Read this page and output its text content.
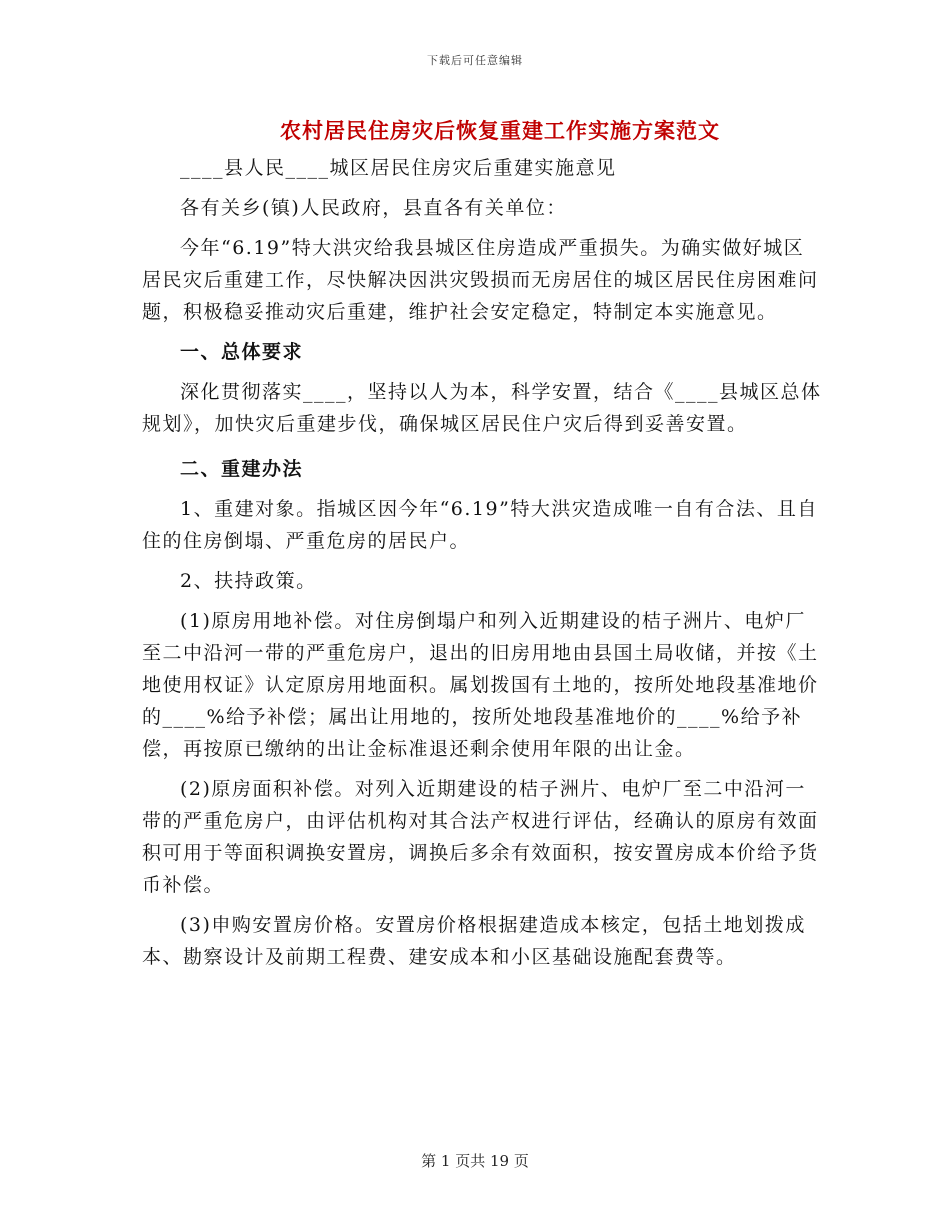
下载后可任意编辑
农村居民住房灾后恢复重建工作实施方案范文

____县人民____城区居民住房灾后重建实施意见

各有关乡(镇)人民政府，县直各有关单位：

今年“6.19”特大洪灾给我县城区住房造成严重损失。为确实做好城区居民灾后重建工作，尽快解决因洪灾毁损而无房居住的城区居民住房困难问题，积极稳妥推动灾后重建，维护社会安定稳定，特制定本实施意见。

一、总体要求

深化贯彻落实____，坚持以人为本，科学安置，结合《____县城区总体规划》，加快灾后重建步伐，确保城区居民住户灾后得到妥善安置。

二、重建办法

1、重建对象。指城区因今年“6.19”特大洪灾造成唯一自有合法、且自住的住房倒塌、严重危房的居民户。

2、扶持政策。

(1)原房用地补偿。对住房倒塌户和列入近期建设的桔子洲片、电炉厂至二中沿河一带的严重危房户，退出的旧房用地由县国土局收储，并按《土地使用权证》认定原房用地面积。属划拨国有土地的，按所处地段基准地价的____%给予补偿；属出让用地的，按所处地段基准地价的____%给予补偿，再按原已缴纳的出让金标准退还剩余使用年限的出让金。

(2)原房面积补偿。对列入近期建设的桔子洲片、电炉厂至二中沿河一带的严重危房户，由评估机构对其合法产权进行评估，经确认的原房有效面积可用于等面积调换安置房，调换后多余有效面积，按安置房成本价给予货币补偿。

(3)申购安置房价格。安置房价格根据建造成本核定，包括土地划拨成本、勘察设计及前期工程费、建安成本和小区基础设施配套费等。

第 1 页共 19 页
